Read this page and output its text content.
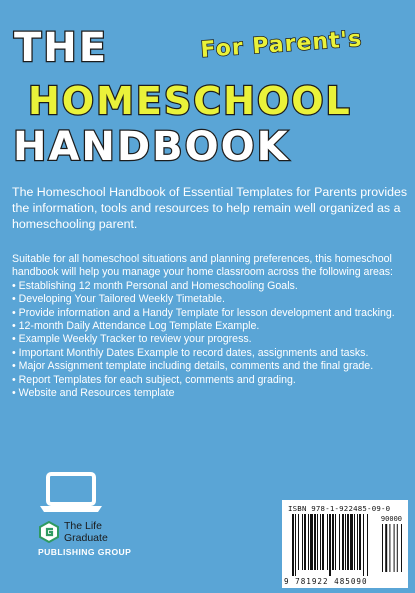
THE	For Parent's
HOMESCHOOL
HANDBOOK

The Homeschool Handbook of Essential Templates for Parents provides the information, tools and resources to help remain well organized as a homeschooling parent.

Suitable for all homeschool situations and planning preferences, this homeschool handbook will help you manage your home classroom across the following areas:

• Establishing 12 month Personal and Homeschooling Goals.
• Developing Your Tailored Weekly Timetable.
• Provide information and a Handy Template for lesson development and tracking.
• 12-month Daily Attendance Log Template Example.
• Example Weekly Tracker to review your progress.
• Important Monthly Dates Example to record dates, assignments and tasks.
• Major Assignment template including details, comments and the final grade.
• Report Templates for each subject, comments and grading.
• Website and Resources template
The Life
Graduate
PUBLISHING GROUP
ISBN 978-1-922485-09-0
90000
9 781922 485090
